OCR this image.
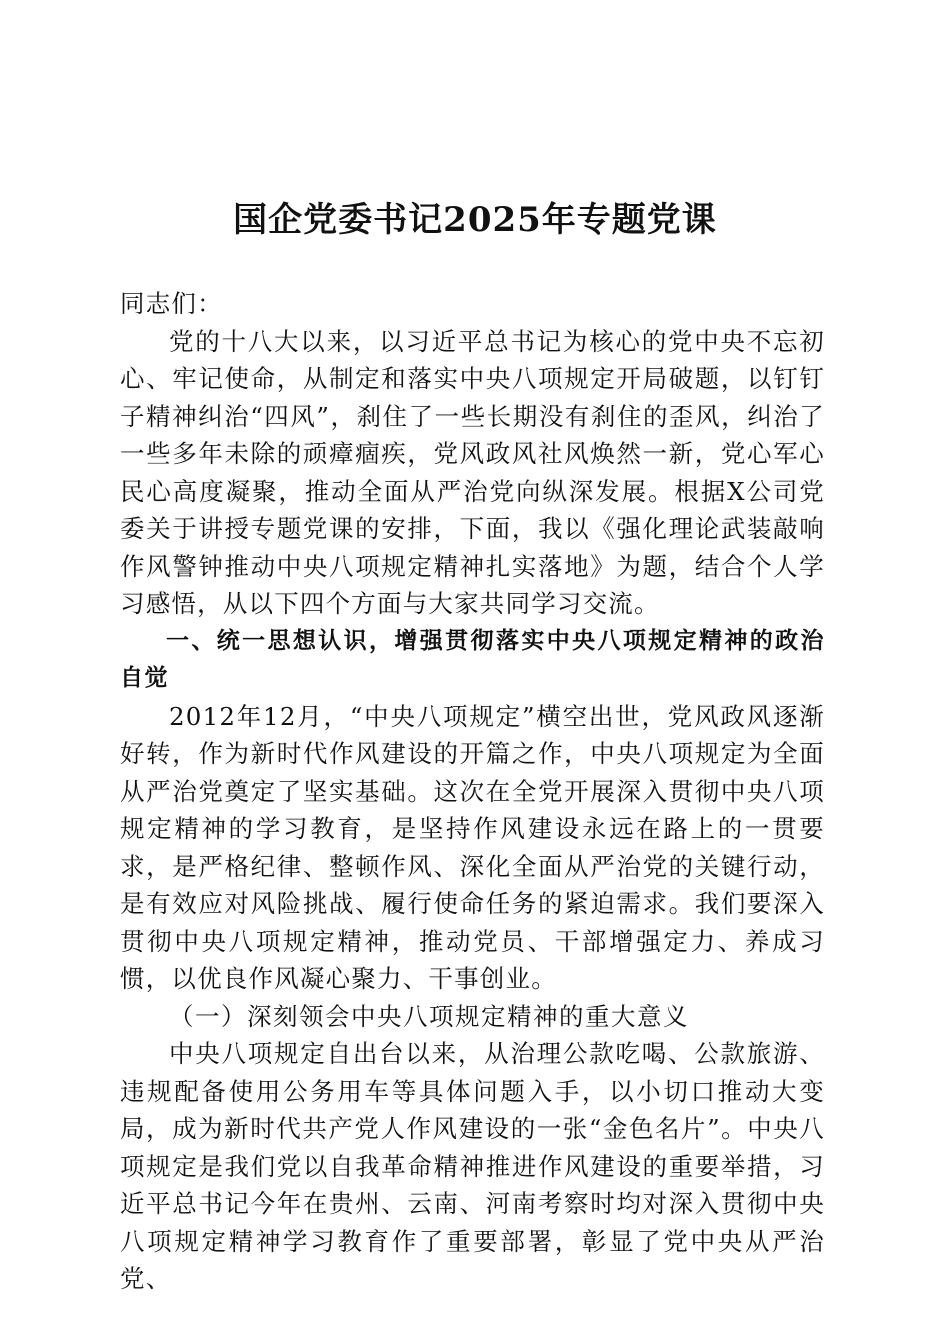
国企党委书记2025年专题党课

同志们：

党的十八大以来，以习近平总书记为核心的党中央不忘初心、牢记使命，从制定和落实中央八项规定开局破题，以钉钉子精神纠治“四风”，刹住了一些长期没有刹住的歪风，纠治了一些多年未除的顽瘴痼疾，党风政风社风焕然一新，党心军心民心高度凝聚，推动全面从严治党向纵深发展。根据X公司党委关于讲授专题党课的安排，下面，我以《强化理论武装敲响作风警钟推动中央八项规定精神扎实落地》为题，结合个人学习感悟，从以下四个方面与大家共同学习交流。

一、统一思想认识，增强贯彻落实中央八项规定精神的政治自觉

2012年12月，“中央八项规定”横空出世，党风政风逐渐好转，作为新时代作风建设的开篇之作，中央八项规定为全面从严治党奠定了坚实基础。这次在全党开展深入贯彻中央八项规定精神的学习教育，是坚持作风建设永远在路上的一贯要求，是严格纪律、整顿作风、深化全面从严治党的关键行动，是有效应对风险挑战、履行使命任务的紧迫需求。我们要深入贯彻中央八项规定精神，推动党员、干部增强定力、养成习惯，以优良作风凝心聚力、干事创业。

（一）深刻领会中央八项规定精神的重大意义

中央八项规定自出台以来，从治理公款吃喝、公款旅游、违规配备使用公务用车等具体问题入手，以小切口推动大变局，成为新时代共产党人作风建设的一张“金色名片”。中央八项规定是我们党以自我革命精神推进作风建设的重要举措，习近平总书记今年在贵州、云南、河南考察时均对深入贯彻中央八项规定精神学习教育作了重要部署，彰显了党中央从严治党、
